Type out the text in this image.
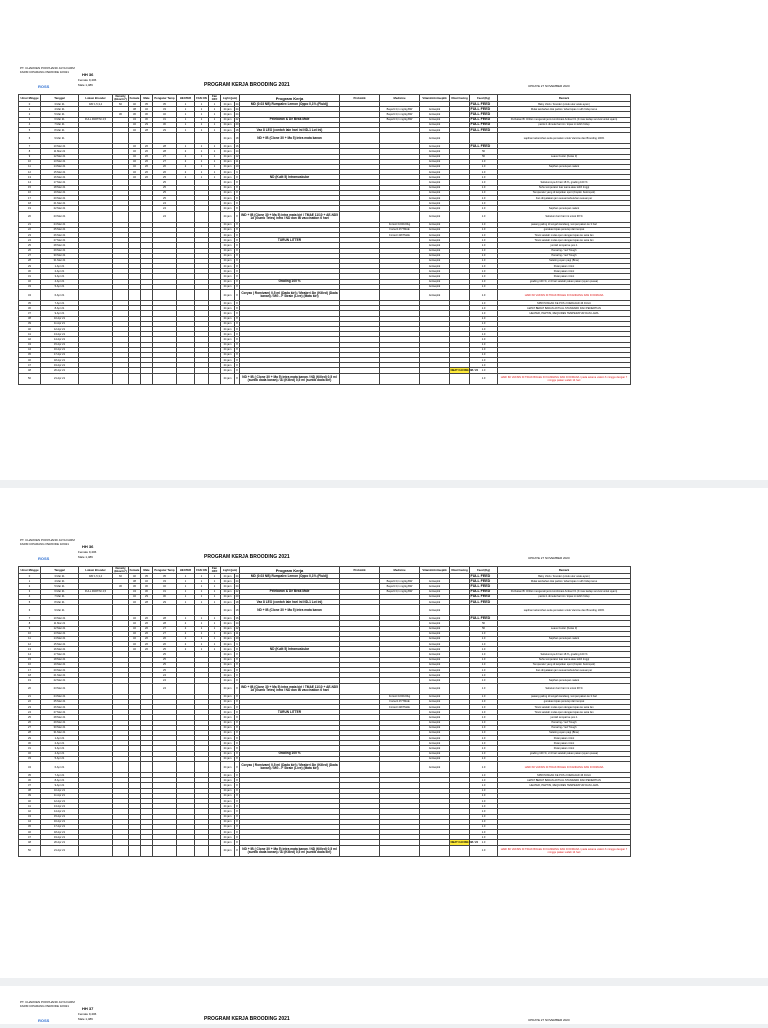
PT. CHAROEN POKPHAND JAYA FARM
FARM CIPARANG PERIODE 3/2021	HH 36
Female 9,406
ROSS	Male 1,489	PROGRAM KERJA BROODING 2021	UPDATE 27 NOVEMBER 2020
Umur Minggu	Tanggal	Lokasi Brooder	Density (Ekor/m²)	Female	Male	Pengatur Temp	HEATER	FAN ON	Fan OFF	Light (jam)		Program Kerja	Probiotik	Medicine	Vitamin/Antiseptik	Obat Cacing	Feed (Kg)	Remark
0	3 Mar 21	D/R 1,5,3,4	60	40	35	35	1	1	1	24 jam	24	MD (0.03 NB) Rumpalex Lemon (Oppo 0,1% (Fluid))					FULL FEED	Baby chick / brooder (untuk ukur anak ayam)
1	4 Mar 21			38	32	33	1	1	1	24 jam	24			Bayertil 0,1 mg/kg BW	Antiseptik		FULL FEED	Mulai tambahan tirai partisi / lebar kipas 1 sdh hidup terus
2	5 Mar 21		30	36	30	32	1	1	1	24 jam	24			Bayertil 0,1 mg/kg BW	Antiseptik		FULL FEED	
3	6 Mar 21	FULL PARTISI 4,5		34	30	31	1	1	1	24 jam	22	Pelebaran & De Beak Male		Bayertil 0,1 mg/kg BW	Antiseptik		FULL FEED	Perhatian BI Chillet mengenali jenis kombinasi Antisar F1 (F.mas kedap survival untuk ayam)
4	7 Mar 21			32	29	30	1	1	1	24 jam	20				Antiseptik		FULL FEED	partisi 1 dimulai hari ini / kipas ini lebih hidup
5	8 Mar 21			32	28	29	1	1	1	24 jam	18	Vax 8 LEO (contoh lain hari ini ND-1 Lot ini)			Antiseptik		FULL FEED	
6	9 Mar 21									24 jam	18	ND + IB (Clone 30 + Ma 5) intra mata kanan			Antiseptik			sapihan kebersihan setia pemalam untuk Vaccine dan Brooding 100%
7	10 Mar 21			32	26	28	1	1	1	24 jam	16				Antiseptik		FULL FEED	
8	11 Mar 21			32	26	28	2	1	1	24 jam	14				Antiseptik		50	
9	12 Mar 21			32	26	27	2	1	1	24 jam	12				Antiseptik		50	Leave Fooler (Kelas 3)
10	13 Mar 21			32	26	27	2	1	1	24 jam	11				Antiseptik		1.0	
11	14 Mar 21			32	26	26	2	1	1	24 jam	10				Antiseptik		1.0	Sapihan penutupan nalant
12	15 Mar 21			32	26	26	2	1	1	24 jam	9				Antiseptik		1.0	
13	16 Mar 21			32	26	25	2	1	1	24 jam	8	ND (Kulit 5) Intramuskular			Antiseptik		1.0	
14	17 Mar 21					25				24 jam	8				Antiseptik		1.0	Sebelumnya di hari 18 %, grading 100 %
15	18 Mar 21					25				24 jam	8				Antiseptik		1.0	Suhu temperatur luar sama atau lebih tinggi
16	19 Mar 21					25				24 jam	8				Antiseptik		1.0	Temperatur yang di lanjutkan sport (Kopkin Kelompok)
17	20 Mar 21					25				24 jam	8				Antiseptik		1.0	Fan dinyalakan jam sesuai kebutuhan sesuai per
18	21 Mar 21					24				24 jam	8				Antiseptik		1.0	
19	22 Mar 21					24				24 jam	8				Antiseptik		1.0	Sapihan penutupan nalant
20	23 Mar 21					24				24 jam	8	IND + IB (Clone 30 + Ma 5) intra mata kiri / TMAE 11/10 + AE-ND5 1d (Gumb Tetes) intra / ND dan IB vaccination 6 hari			Antiseptik		1.0	Sebelum beri hari ini untuk 38 %
21	24 Mar 21									24 jam	8			Fortecil 100/100kg	Antiseptik		1.0	pasang paling di tengah kandang, tempat pakan ke 3 hari
22	25 Mar 21									24 jam	8			Fortecil 4T/TMAE	Antiseptik		1.0	gunakan kipas penutup dari tempat
23	26 Mar 21									24 jam	8			Fortecil 4M/TMAE	Antiseptik		1.0	Tirani setelah mulai open dengan kipas ke setia fan
24	27 Mar 21									24 jam	8	TURUN LITTER			Antiseptik		1.0	Tirani setelah mulai open dengan kipas ke setia fan
25	28 Mar 21									24 jam	8				Antiseptik		1.0	jumlah tempat ke pos 1
26	29 Mar 21									24 jam	8				Antiseptik		1.0	Penaring / red Trough
27	30 Mar 21									24 jam	8				Antiseptik		1.0	Penaring / red Trough
28	31 Mar 21									24 jam	8				Antiseptik		1.0	Seleting ayam pagi (Bina)
29	1 Apr 21									24 jam	8				Antiseptik		1.0	Petai pakan 4 kini
30	2 Apr 21									24 jam	8				Antiseptik		1.0	Petai pakan 4 kini
31	3 Apr 21									24 jam	8				Antiseptik		1.0	Petai pakan 4 kini
32	4 Apr 21									24 jam	8	Grading 100 %			Antiseptik		1.0	grading 100 %, 2-3 hari setelah pakan pakan (ayam puasa)
33	5 Apr 21									24 jam	8				Antiseptik		1.0	
34	6 Apr 21									24 jam	8	Coryza ( Romivam) 0,5 ml (Dada kiri) / Meabrri 3ln (Killed) (Dada kanan) / MG - F Strain (Live) (Mata kiri)			Antiseptik		1.0	HARI INI VAKSIN DI TIDAK BOLEH DI KANDANG DAN DI DIMANA
35	7 Apr 21									24 jam	8						1.0	SPROVINGAN KE POS 2 DERAJAD 46 DULU
36	8 Apr 21									24 jam	8						1.0	LEPAT BERAT BADAN AKTUAL STANDARD DAN PENERTIAN
37	9 Apr 21									24 jam	8						1.0	HEATER, PARTISI, REQUIRES TEMPERATUR DAN LAMA
38	10 Apr 21									24 jam	8						1.0	
39	11 Apr 21									24 jam	8						1.0	
40	12 Apr 21									24 jam	8						1.0	
41	13 Apr 21									24 jam	8						1.0	
42	14 Apr 21									24 jam	8						1.0	
43	15 Apr 21									24 jam	8						1.0	
44	16 Apr 21									24 jam	8						1.0	
45	17 Apr 21									24 jam	8						1.0	
46	18 Apr 21									24 jam	8						1.0	
47	19 Apr 21									24 jam	8						1.0	
48	20 Apr 21									24 jam	8					OBAT CACING 5M / 24	1.0	
50	21 Apr 21									24 jam	8	ND + IB ( Clone 30 + Ma 5) intra mata kanan / ND (Killed) 0,5 ml (suntik dada kanan) / AI (Killed) 0,5 ml (suntik dada kiri)					1.0	HARI INI VAKSIN DI TIDAK BOLEH DI KANDANG DAN DI DIMANA / pada selama vaksin 6 minggu dengan 7 minggu pakan sudah 14 hari
PT. CHAROEN POKPHAND JAYA FARM
FARM CIPARANG PERIODE 3/2021	HH 36
Female 9,406
ROSS	Male 1,489	PROGRAM KERJA BROODING 2021	UPDATE 27 NOVEMBER 2020
Umur Minggu	Tanggal	Lokasi Brooder	Density (Ekor/m²)	Female	Male	Pengatur Temp	HEATER	FAN ON	Fan OFF	Light (jam)		Program Kerja	Probiotik	Medicine	Vitamin/Antiseptik	Obat Cacing	Feed (Kg)	Remark
0	3 Mar 21	D/R 1,5,3,4	60	40	35	35	1	1	1	24 jam	24	MD (0.03 NB) Rumpalex Lemon (Oppo 0,1% (Fluid))					FULL FEED	Baby chick / brooder (untuk ukur anak ayam)
1	4 Mar 21			38	32	33	1	1	1	24 jam	24			Bayertil 0,1 mg/kg BW	Antiseptik		FULL FEED	Mulai tambahan tirai partisi / lebar kipas 1 sdh hidup terus
2	5 Mar 21		30	36	30	32	1	1	1	24 jam	24			Bayertil 0,1 mg/kg BW	Antiseptik		FULL FEED	
3	6 Mar 21	FULL PARTISI 4,5		34	30	31	1	1	1	24 jam	22	Pelebaran & De Beak Male		Bayertil 0,1 mg/kg BW	Antiseptik		FULL FEED	Perhatian BI Chillet mengenali jenis kombinasi Antisar F1 (F.mas kedap survival untuk ayam)
4	7 Mar 21			32	29	30	1	1	1	24 jam	20				Antiseptik		FULL FEED	partisi 1 dimulai hari ini / kipas ini lebih hidup
5	8 Mar 21			32	28	29	1	1	1	24 jam	18	Vax 8 LEO (contoh lain hari ini ND-1 Lot ini)			Antiseptik		FULL FEED	
6	9 Mar 21									24 jam	18	ND + IB (Clone 30 + Ma 5) intra mata kanan			Antiseptik			sapihan kebersihan setia pemalam untuk Vaccine dan Brooding 100%
7	10 Mar 21			32	26	28	1	1	1	24 jam	16				Antiseptik		FULL FEED	
8	11 Mar 21			32	26	28	2	1	1	24 jam	14				Antiseptik		50	
9	12 Mar 21			32	26	27	2	1	1	24 jam	12				Antiseptik		50	Leave Fooler (Kelas 3)
10	13 Mar 21			32	26	27	2	1	1	24 jam	11				Antiseptik		1.0	
11	14 Mar 21			32	26	26	2	1	1	24 jam	10				Antiseptik		1.0	Sapihan penutupan nalant
12	15 Mar 21			32	26	26	2	1	1	24 jam	9				Antiseptik		1.0	
13	16 Mar 21			32	26	25	2	1	1	24 jam	8	ND (Kulit 5) Intramuskular			Antiseptik		1.0	
14	17 Mar 21					25				24 jam	8				Antiseptik		1.0	Sebelumnya di hari 18 %, grading 100 %
15	18 Mar 21					25				24 jam	8				Antiseptik		1.0	Suhu temperatur luar sama atau lebih tinggi
16	19 Mar 21					25				24 jam	8				Antiseptik		1.0	Temperatur yang di lanjutkan sport (Kopkin Kelompok)
17	20 Mar 21					25				24 jam	8				Antiseptik		1.0	Fan dinyalakan jam sesuai kebutuhan sesuai per
18	21 Mar 21					24				24 jam	8				Antiseptik		1.0	
19	22 Mar 21					24				24 jam	8				Antiseptik		1.0	Sapihan penutupan nalant
20	23 Mar 21					24				24 jam	8	IND + IB (Clone 30 + Ma 5) intra mata kiri / TMAE 11/10 + AE-ND5 1d (Gumb Tetes) intra / ND dan IB vaccination 6 hari			Antiseptik		1.0	Sebelum beri hari ini untuk 38 %
21	24 Mar 21									24 jam	8			Fortecil 100/100kg	Antiseptik		1.0	pasang paling di tengah kandang, tempat pakan ke 3 hari
22	25 Mar 21									24 jam	8			Fortecil 4T/TMAE	Antiseptik		1.0	gunakan kipas penutup dari tempat
23	26 Mar 21									24 jam	8			Fortecil 4M/TMAE	Antiseptik		1.0	Tirani setelah mulai open dengan kipas ke setia fan
24	27 Mar 21									24 jam	8	TURUN LITTER			Antiseptik		1.0	Tirani setelah mulai open dengan kipas ke setia fan
25	28 Mar 21									24 jam	8				Antiseptik		1.0	jumlah tempat ke pos 1
26	29 Mar 21									24 jam	8				Antiseptik		1.0	Penaring / red Trough
27	30 Mar 21									24 jam	8				Antiseptik		1.0	Penaring / red Trough
28	31 Mar 21									24 jam	8				Antiseptik		1.0	Seleting ayam pagi (Bina)
29	1 Apr 21									24 jam	8				Antiseptik		1.0	Petai pakan 4 kini
30	2 Apr 21									24 jam	8				Antiseptik		1.0	Petai pakan 4 kini
31	3 Apr 21									24 jam	8				Antiseptik		1.0	Petai pakan 4 kini
32	4 Apr 21									24 jam	8	Grading 100 %			Antiseptik		1.0	grading 100 %, 2-3 hari setelah pakan pakan (ayam puasa)
33	5 Apr 21									24 jam	8				Antiseptik		1.0	
34	6 Apr 21									24 jam	8	Coryza ( Romivam) 0,5 ml (Dada kiri) / Meabrri 3ln (Killed) (Dada kanan) / MG - F Strain (Live) (Mata kiri)			Antiseptik		1.0	HARI INI VAKSIN DI TIDAK BOLEH DI KANDANG DAN DI DIMANA
35	7 Apr 21									24 jam	8						1.0	SPROVINGAN KE POS 2 DERAJAD 46 DULU
36	8 Apr 21									24 jam	8						1.0	LEPAT BERAT BADAN AKTUAL STANDARD DAN PENERTIAN
37	9 Apr 21									24 jam	8						1.0	HEATER, PARTISI, REQUIRES TEMPERATUR DAN LAMA
38	10 Apr 21									24 jam	8						1.0	
39	11 Apr 21									24 jam	8						1.0	
40	12 Apr 21									24 jam	8						1.0	
41	13 Apr 21									24 jam	8						1.0	
42	14 Apr 21									24 jam	8						1.0	
43	15 Apr 21									24 jam	8						1.0	
44	16 Apr 21									24 jam	8						1.0	
45	17 Apr 21									24 jam	8						1.0	
46	18 Apr 21									24 jam	8						1.0	
47	19 Apr 21									24 jam	8						1.0	
48	20 Apr 21									24 jam	8					OBAT CACING 5M / 24	1.0	
50	21 Apr 21									24 jam	8	ND + IB ( Clone 30 + Ma 5) intra mata kanan / ND (Killed) 0,5 ml (suntik dada kanan) / AI (Killed) 0,5 ml (suntik dada kiri)					1.0	HARI INI VAKSIN DI TIDAK BOLEH DI KANDANG DAN DI DIMANA / pada selama vaksin 6 minggu dengan 7 minggu pakan sudah 14 hari
PT. CHAROEN POKPHAND JAYA FARM
FARM CIPARANG PERIODE 3/2021	HH 37
Female 9,406
ROSS	Male 1,489	PROGRAM KERJA BROODING 2021	UPDATE 27 NOVEMBER 2020
